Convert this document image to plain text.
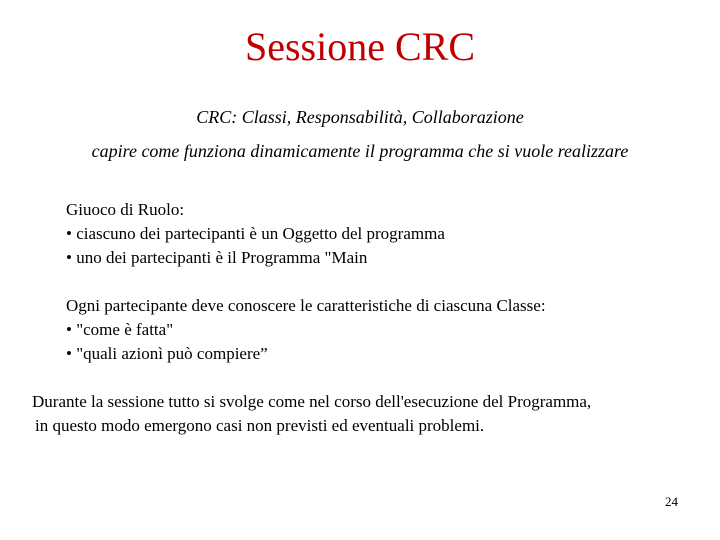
Sessione CRC
CRC: Classi, Responsabilità, Collaborazione
capire come funziona dinamicamente il programma che si vuole realizzare
Giuoco di Ruolo:
• ciascuno dei partecipanti è un Oggetto del programma
• uno dei partecipanti è il Programma "Main
Ogni partecipante deve conoscere le caratteristiche di ciascuna Classe:
• "come è fatta"
• "quali azionì può compiere”
Durante la sessione tutto si svolge come nel corso dell'esecuzione del Programma,
in questo modo emergono casi non previsti ed eventuali problemi.
24
